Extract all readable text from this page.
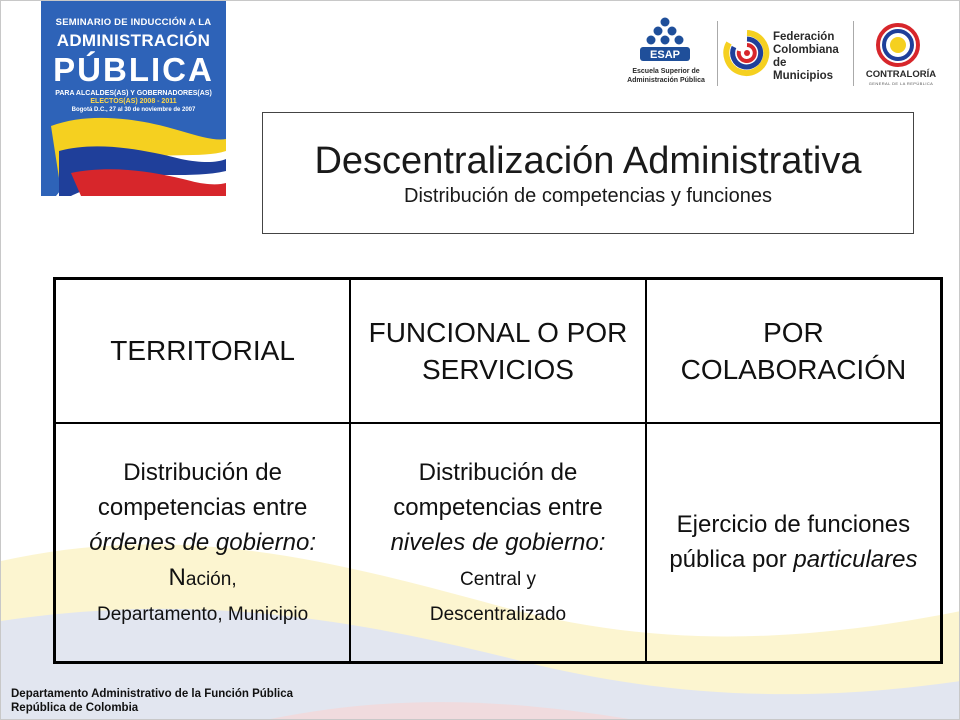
SEMINARIO DE INDUCCIÓN A LA
ADMINISTRACIÓN
PÚBLICA
PARA ALCALDES(AS) Y GOBERNADORES(AS)
ELECTOS(AS) 2008 - 2011
Bogotá D.C., 27 al 30 de noviembre de 2007
ESAP
Escuela Superior de
Administración Pública
Federación
Colombiana
de Municipios	CONTRALORÍA
GENERAL DE LA REPÚBLICA
Descentralización Administrativa
Distribución de competencias y funciones
TERRITORIAL	FUNCIONAL O POR SERVICIOS	POR COLABORACIÓN
Distribución de competencias entre órdenes de gobierno: Nación,
Departamento, Municipio	Distribución de competencias entre niveles de gobierno:
Central y
Descentralizado	Ejercicio de funciones pública por particulares
Departamento Administrativo de la Función Pública
República de Colombia
